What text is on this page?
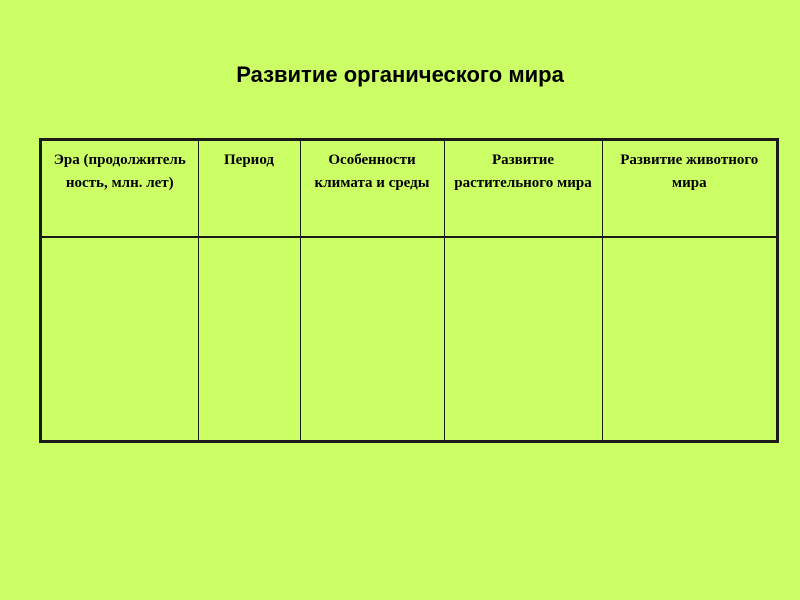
Развитие органического мира
Эра (продолжитель ность, млн. лет)	Период	Особенности климата и среды	Развитие растительного мира	Развитие животного мира
